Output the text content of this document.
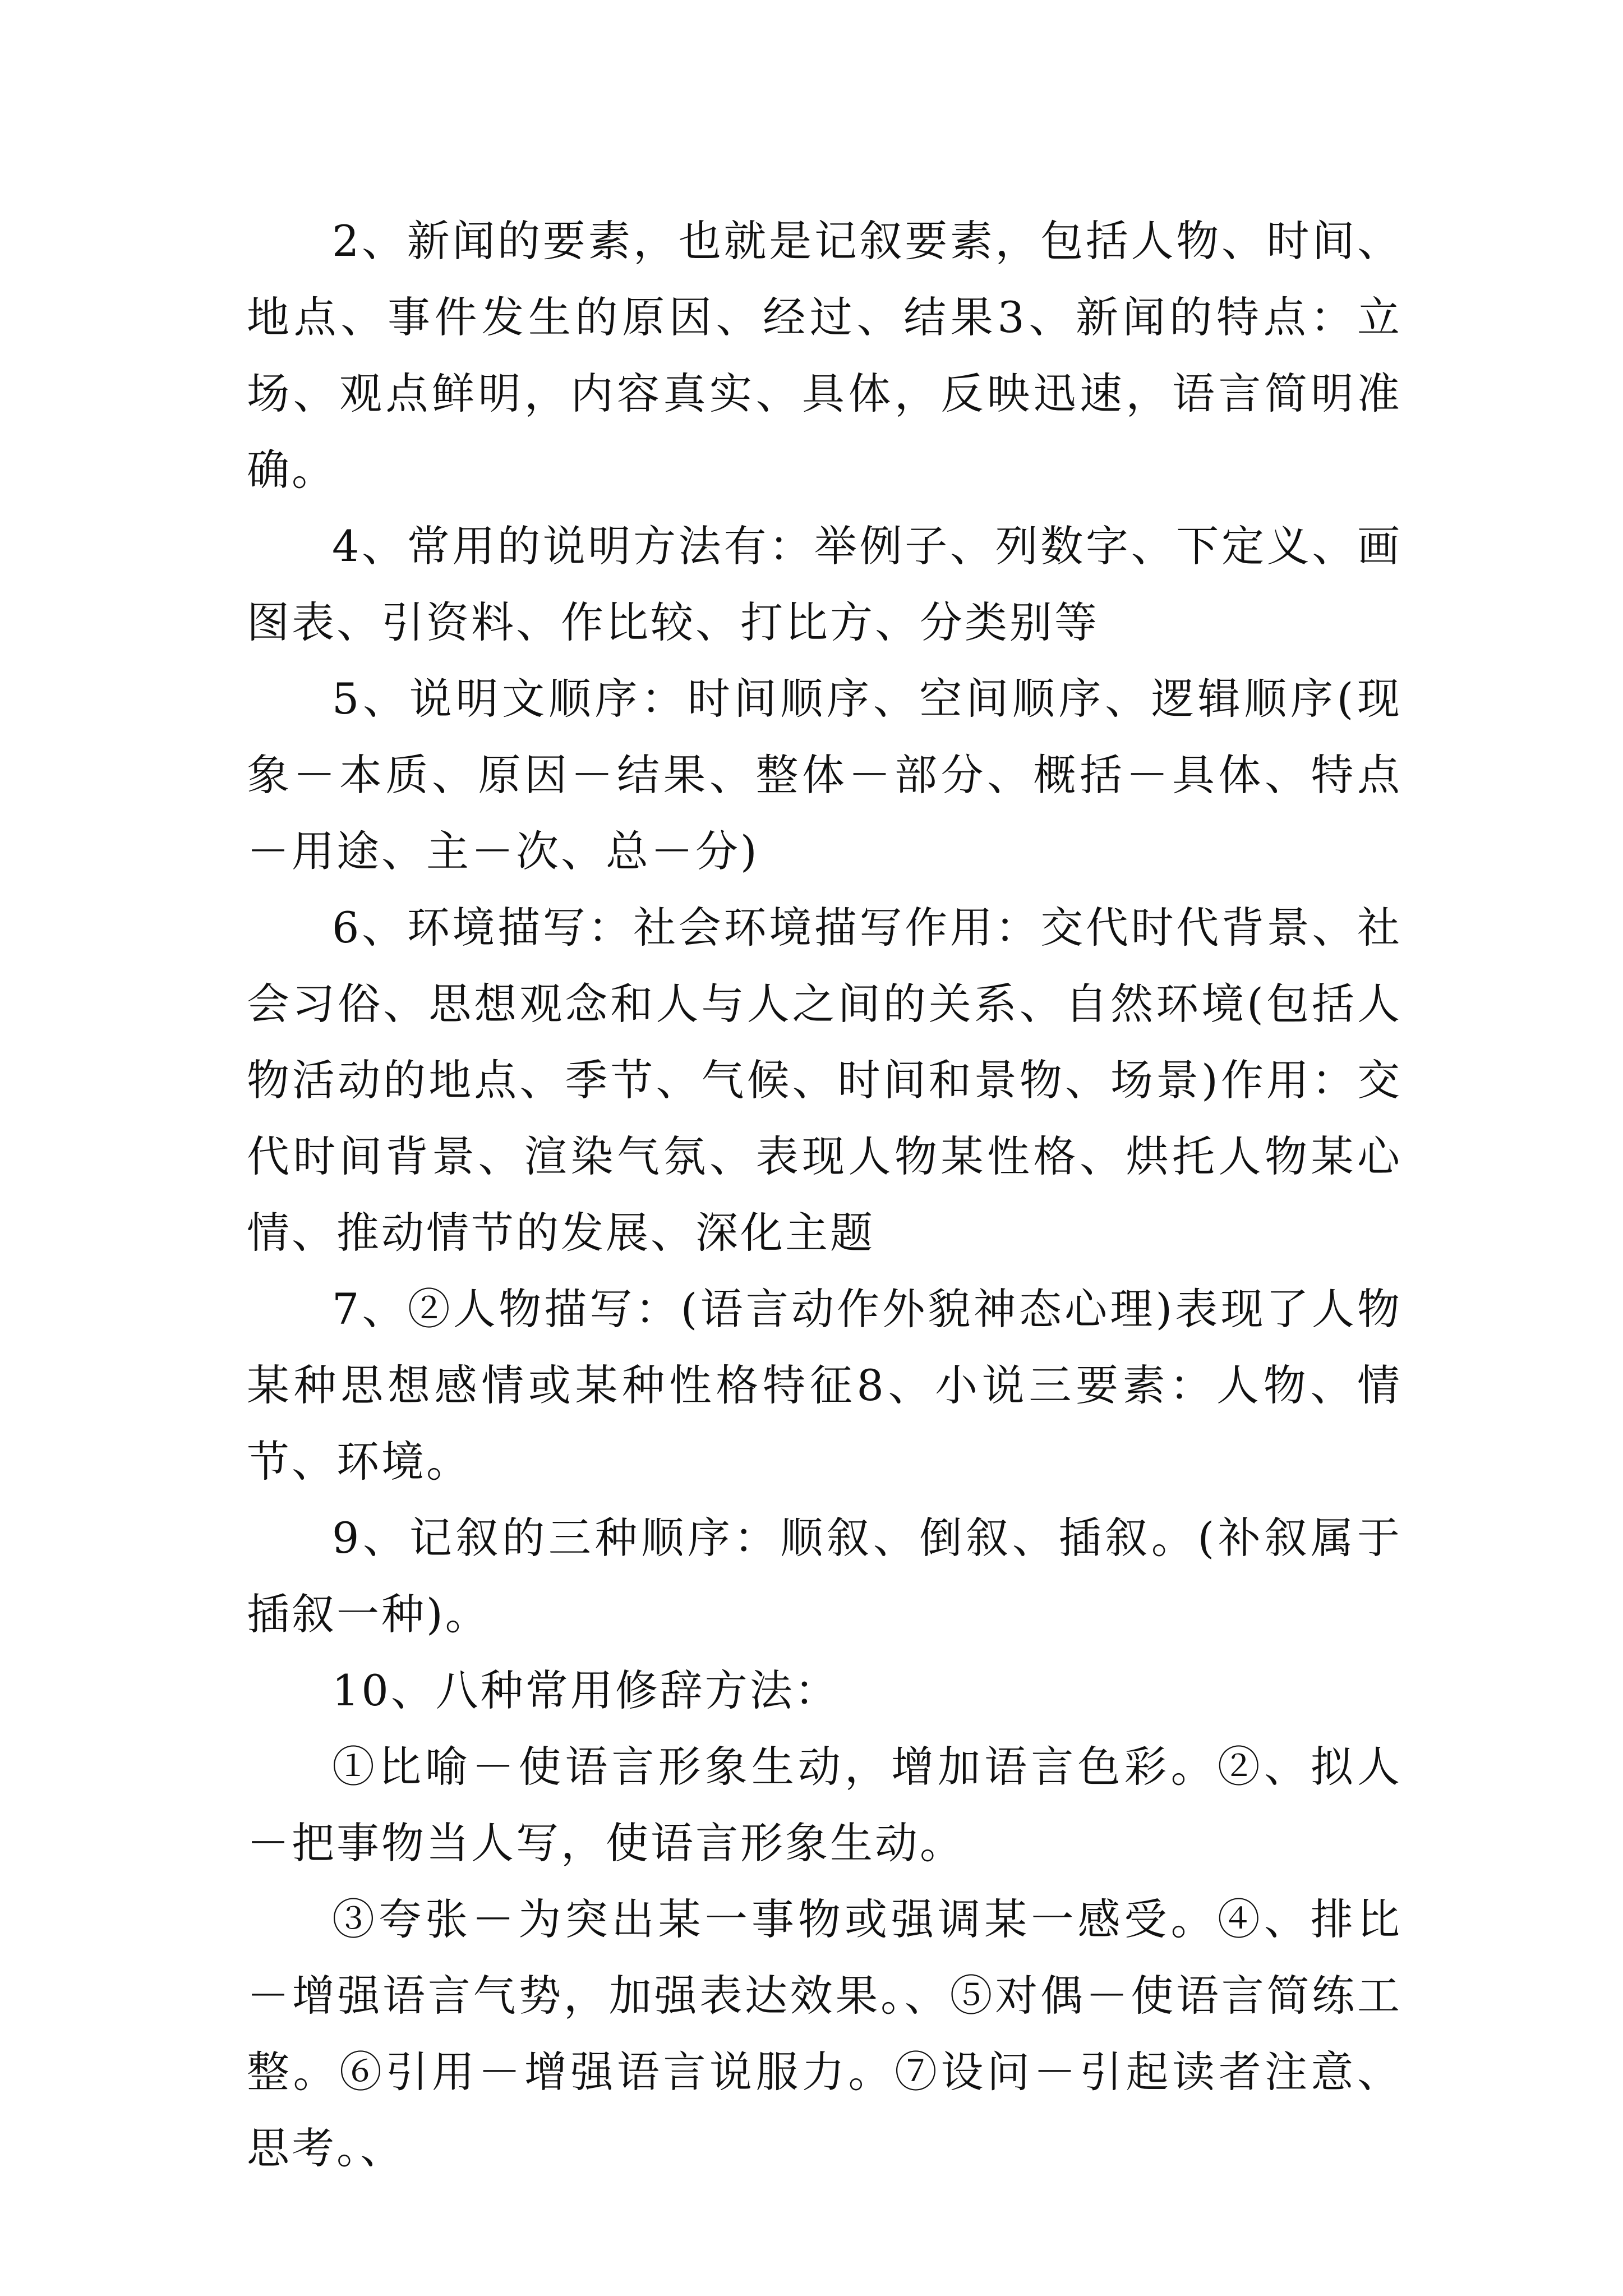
2、新闻的要素，也就是记叙要素，包括人物、时间、地点、事件发生的原因、经过、结果3、新闻的特点：立场、观点鲜明，内容真实、具体，反映迅速，语言简明准确。

4、常用的说明方法有：举例子、列数字、下定义、画图表、引资料、作比较、打比方、分类别等

5、说明文顺序：时间顺序、空间顺序、逻辑顺序(现象－本质、原因－结果、整体－部分、概括－具体、特点－用途、主－次、总－分)

6、环境描写：社会环境描写作用：交代时代背景、社会习俗、思想观念和人与人之间的关系、自然环境(包括人物活动的地点、季节、气候、时间和景物、场景)作用：交代时间背景、渲染气氛、表现人物某性格、烘托人物某心情、推动情节的发展、深化主题

7、②人物描写：(语言动作外貌神态心理)表现了人物某种思想感情或某种性格特征8、小说三要素：人物、情节、环境。

9、记叙的三种顺序：顺叙、倒叙、插叙。(补叙属于插叙一种)。

10、八种常用修辞方法：

①比喻－使语言形象生动，增加语言色彩。②、拟人－把事物当人写，使语言形象生动。

③夸张－为突出某一事物或强调某一感受。④、排比－增强语言气势，加强表达效果。、⑤对偶－使语言简练工整。⑥引用－增强语言说服力。⑦设问－引起读者注意、思考。、
